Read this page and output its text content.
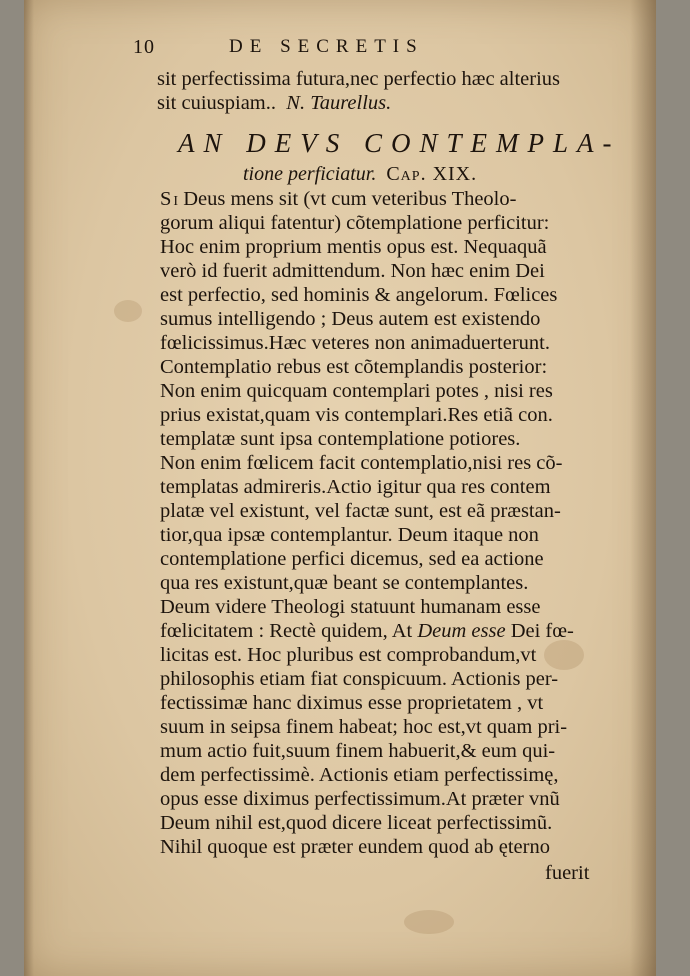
10	DE SECRETIS
sit perfectissima futura,nec perfectio hæc alterius
sit cuiuspiam.. N. Taurellus.
AN DEVS CONTEMPLA-
tione perficiatur. Cap. XIX.
Si Deus mens sit (vt cum veteribus Theolo-
gorum aliqui fatentur) cõtemplatione perficitur:
Hoc enim proprium mentis opus est. Nequaquã
verò id fuerit admittendum. Non hæc enim Dei
est perfectio, sed hominis & angelorum. Fœlices
sumus intelligendo ; Deus autem est existendo
fœlicissimus.Hæc veteres non animaduerterunt.
Contemplatio rebus est cõtemplandis posterior:
Non enim quicquam contemplari potes , nisi res
prius existat,quam vis contemplari.Res etiã con.
templatæ sunt ipsa contemplatione potiores.
Non enim fœlicem facit contemplatio,nisi res cõ-
templatas admireris.Actio igitur qua res contem
platæ vel existunt, vel factæ sunt, est eã præstan-
tior,qua ipsæ contemplantur. Deum itaque non
contemplatione perfici dicemus, sed ea actione
qua res existunt,quæ beant se contemplantes.
Deum videre Theologi statuunt humanam esse
fœlicitatem : Rectè quidem, At Deum esse Dei fœ-
licitas est. Hoc pluribus est comprobandum,vt
philosophis etiam fiat conspicuum. Actionis per-
fectissimæ hanc diximus esse proprietatem , vt
suum in seipsa finem habeat; hoc est,vt quam pri-
mum actio fuit,suum finem habuerit,& eum qui-
dem perfectissimè. Actionis etiam perfectissimę,
opus esse diximus perfectissimum.At præter vnũ
Deum nihil est,quod dicere liceat perfectissimũ.
Nihil quoque est præter eundem quod ab ęterno
fuerit
